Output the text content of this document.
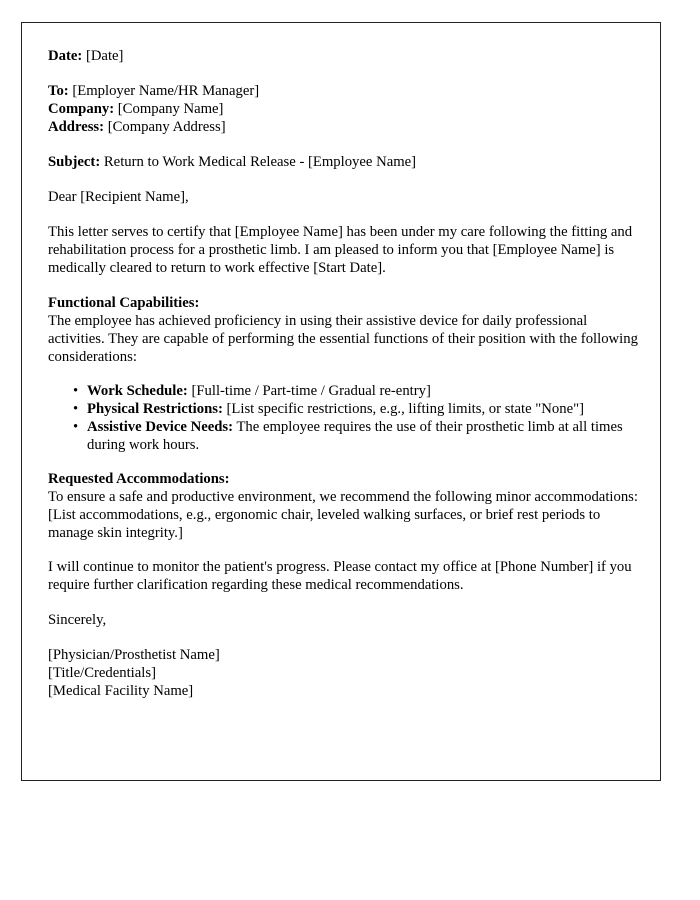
Date: [Date]
To: [Employer Name/HR Manager]
Company: [Company Name]
Address: [Company Address]
Subject: Return to Work Medical Release - [Employee Name]
Dear [Recipient Name],
This letter serves to certify that [Employee Name] has been under my care following the fitting and rehabilitation process for a prosthetic limb. I am pleased to inform you that [Employee Name] is medically cleared to return to work effective [Start Date].
Functional Capabilities:
The employee has achieved proficiency in using their assistive device for daily professional activities. They are capable of performing the essential functions of their position with the following considerations:
• Work Schedule: [Full-time / Part-time / Gradual re-entry]
• Physical Restrictions: [List specific restrictions, e.g., lifting limits, or state "None"]
• Assistive Device Needs: The employee requires the use of their prosthetic limb at all times during work hours.
Requested Accommodations:
To ensure a safe and productive environment, we recommend the following minor accommodations:
[List accommodations, e.g., ergonomic chair, leveled walking surfaces, or brief rest periods to manage skin integrity.]
I will continue to monitor the patient's progress. Please contact my office at [Phone Number] if you require further clarification regarding these medical recommendations.
Sincerely,
[Physician/Prosthetist Name]
[Title/Credentials]
[Medical Facility Name]
